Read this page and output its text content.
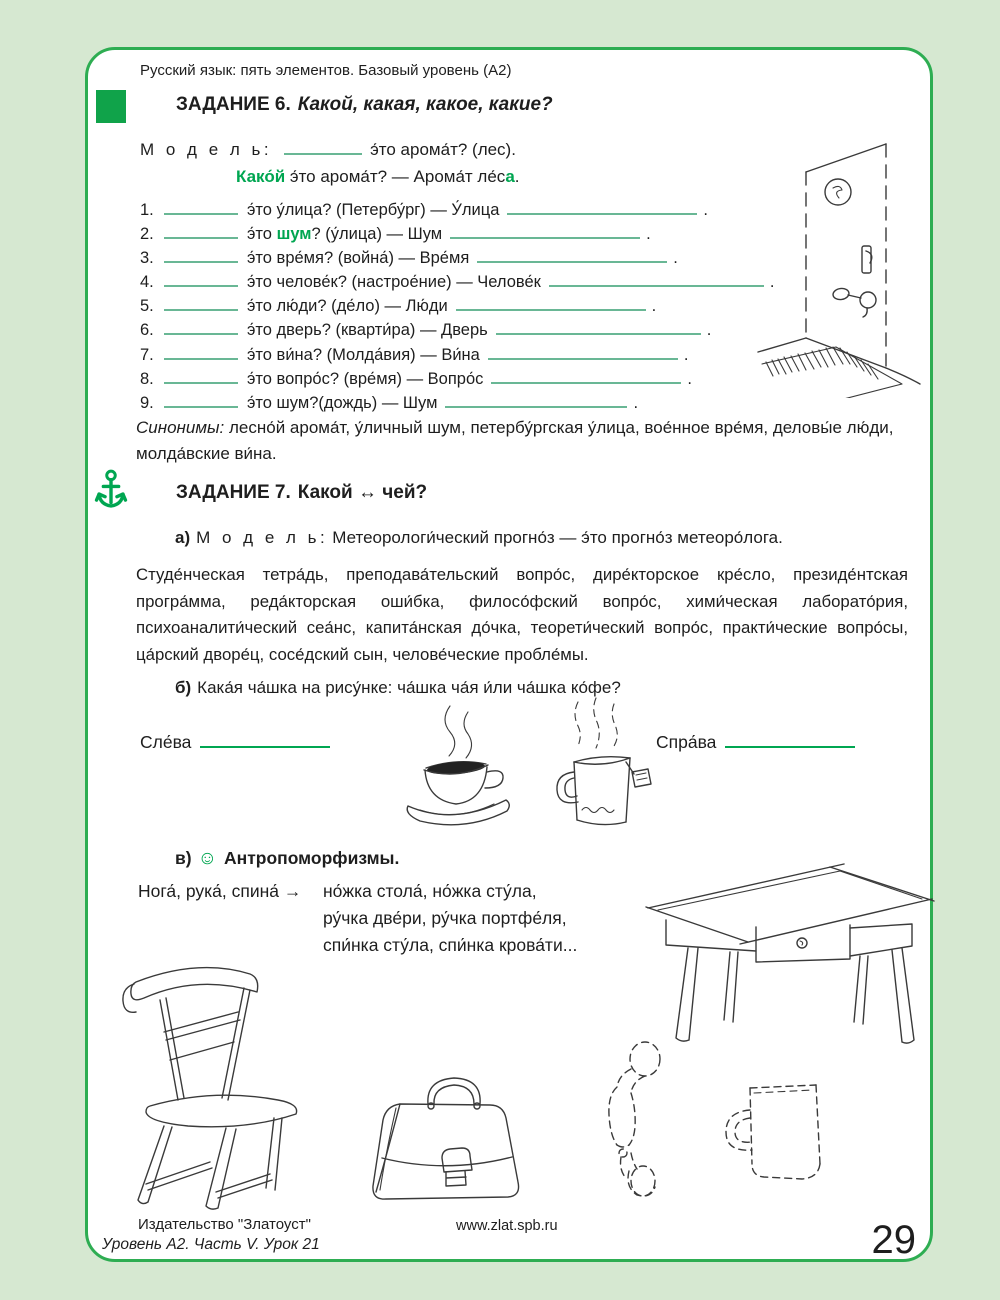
Русский язык: пять элементов. Базовый уровень (А2)
ЗАДАНИЕ 6. Какой, какая, какое, какие?
М о д е л ь:	э́то арома́т? (лес).
Како́й э́то арома́т? — Арома́т ле́са.
1.	э́то у́лица? (Петербу́рг) — У́лица	.
2.	э́то шум? (у́лица) — Шум	.
3.	э́то вре́мя? (война́) — Вре́мя	.
4.	э́то челове́к? (настрое́ние) — Челове́к	.
5.	э́то лю́ди? (де́ло) — Лю́ди	.
6.	э́то дверь? (кварти́ра) — Дверь	.
7.	э́то ви́на? (Молда́вия) — Ви́на	.
8.	э́то вопро́с? (вре́мя) — Вопро́с	.
9.	э́то шум?(дождь) — Шум	.
Синонимы: лесно́й арома́т, у́личный шум, петербу́ргская у́лица, вое́нное вре́мя, деловы́е лю́ди, молда́вские ви́на.
ЗАДАНИЕ 7. Какой ↔ чей?
а) М о д е л ь: Метеорологи́ческий прогно́з — э́то прогно́з метеоро́лога.
Студе́нческая тетра́дь, преподава́тельский вопро́с, дире́кторское кре́сло, президе́нтская програ́мма, реда́кторская оши́бка, филосо́фский вопро́с, хими́ческая лаборато́рия, психоаналити́ческий сеа́нс, капита́нская до́чка, теорети́ческий вопро́с, практи́ческие вопро́сы, ца́рский дворе́ц, сосе́дский сын, челове́ческие пробле́мы.
б) Кака́я ча́шка на рису́нке: ча́шка ча́я и́ли ча́шка ко́фе?
Сле́ва	Спра́ва
в) ☺ Антропоморфизмы.
Нога́, рука́, спина́ → но́жка стола́, но́жка сту́ла,
ру́чка две́ри, ру́чка портфе́ля,
спи́нка сту́ла, спи́нка крова́ти...
Издательство "Златоуст"
Уровень А2. Часть V. Урок 21
www.zlat.spb.ru	29
